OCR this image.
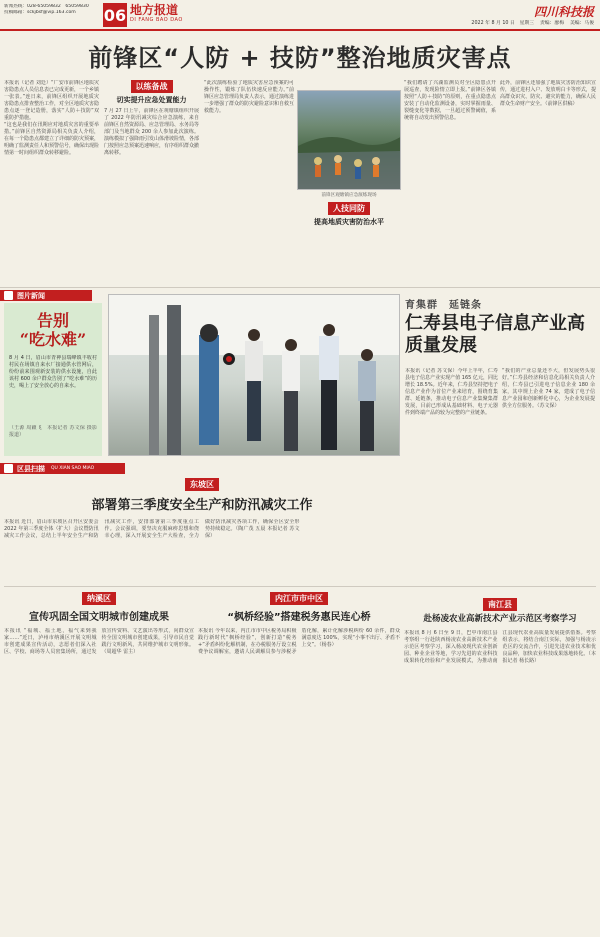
新闻热线：028-65059832　65059830
投稿邮箱：sckjbsf@vip.163.com	06 地方报道
DI FANG BAO DAO
四川科技报
2022 年 8 月 10 日　星期三 责编：廖梅 美编：马俊
前锋区“人防 + 技防”整治地质灾害点
本报讯（记者 刘廷）“广安市前锋区地质灾害隐患点人员信息表已完成更新，一个乡镇一张表。”连日来，前锋区组织开展地质灾害隐患点排查整治工作，对全区地质灾害隐患点逐一登记造册，落实“人防＋技防”双重防护措施。
“这也是我们在汛期应对地质灾害的重要举措。”前锋区自然资源局相关负责人介绍，在每一个隐患点都建立了详细的防灾预案，明确了监测责任人和预警信号，确保出现险情第一时间组织群众转移避险。
以练备战
切实提升应急处置能力
7 月 27 日上午，前锋区在观塘镇组织开展了 2022 年防汛减灾综合应急演练，来自前锋区自然资源局、应急管理局、水务局等部门及当地群众 200 余人参加此次演练。演练模拟了强降雨引发山体滑坡险情，各部门按照应急预案迅速响应，有序组织群众撤离转移。
“此次演练检验了地质灾害应急预案的可操作性，锻炼了队伍快速反应能力。”前锋区应急管理局负责人表示，通过演练进一步增强了群众的防灾避险意识和自救互救能力。
前锋区观塘镇应急演练现场
人技同防
提高地质灾害防治水平
“我们聘请了兴湖监测员对全区隐患点开展巡查，发现险情立即上报。”前锋区各镇按照“人防＋技防”的原则，在重点隐患点安装了自动化监测设备，实时掌握雨量、裂缝变化等数据，一旦超过预警阈值，系统将自动发出预警信息。
此外，前锋区还加强了地质灾害防治知识宣传，通过进村入户、发放明白卡等形式，提高群众识灾、防灾、避灾的能力，确保人民群众生命财产安全。（前锋区供稿）
图片新闻
告别
“吃水难”
8 月 4 日，眉山市青神县瑞峰镇丰收村村民在场镇自来水厂接通供水管网后，纷纷前来围观新安装的供水设施，自此该村 600 余户群众告别了“吃水难”的历史，喝上了安全放心的自来水。
（王源 周籁飞　本报记者 苏文保 摄影报道）
育集群　延链条
仁寿县电子信息产业高质量发展
本报讯（记者 苏文保）今年上半年，仁寿县电子信息产业实现产值 165 亿元，同比增长 18.5%。近年来，仁寿县坚持把电子信息产业作为首位产业来培育，围绕育集群、延链条，推动电子信息产业集聚集群发展，目前已形成从基础材料、电子元器件到终端产品的较为完整的产业链条。
“我们的产业总量还不大，但发展势头很好。”仁寿县经济和信息化局相关负责人介绍，仁寿县已引进电子信息企业 180 余家，其中规上企业 74 家，建成了电子信息产业园和创新孵化中心，为企业发展提供全方位服务。（苏文保）
区县扫描 QU XIAN SAO MIAO
东坡区
部署第三季度安全生产和防汛减灾工作
本报讯 近日，眉山市东坡区召开区安委会 2022 年第三季度全体（扩大）会议暨防汛减灾工作会议，总结上半年安全生产和防汛减灾工作，安排部署第三季度重点工作。会议强调，要坚决克服麻痹思想和侥幸心理，深入开展安全生产大检查，全力做好防汛减灾各项工作，确保全区安全形势持续稳定。（陶广茂 五晨 本报记者 苏文保）
纳溪区
宣传巩固全国文明城市创建成果
本报讯 “福城、福土地，福气来到我家……”近日，泸州市纳溪区开展文明城市创建成果宣传活动，志愿者们深入社区、学校、商场等人员密集场所，通过发放宣传资料、文艺演出等形式，向群众宣传全国文明城市创建成果，引导市民自觉践行文明新风，共同维护城市文明形象。（周超华 雷主）
内江市市中区
“枫桥经验”搭建税务惠民连心桥
本报讯 今年以来，内江市市中区税务局积极践行新时代“枫桥经验”，创新打造“税务+”矛盾纠纷化解机制，在办税服务厅设立税费争议调解室，邀请人民调解员参与涉税矛盾化解，累计化解涉税纠纷 60 余件，群众满意度达 100%，实现“小事不出厅、矛盾不上交”。（杨春）
南江县
赴杨凌农业高新技术产业示范区考察学习
本报讯 8 月 6 日至 9 日，巴中市南江县考察组一行赴陕西杨凌农业高新技术产业示范区考察学习，深入杨凌现代农业创新园、种业企业等地，学习先进的农业科技成果转化经验和产业发展模式，为推动南江县现代农业高质量发展提供借鉴。考察组表示，将结合南江实际，加强与杨凌示范区的交流合作，引进先进农业技术和优良品种，加快农业科技成果落地转化。（本报记者 杨长路）
